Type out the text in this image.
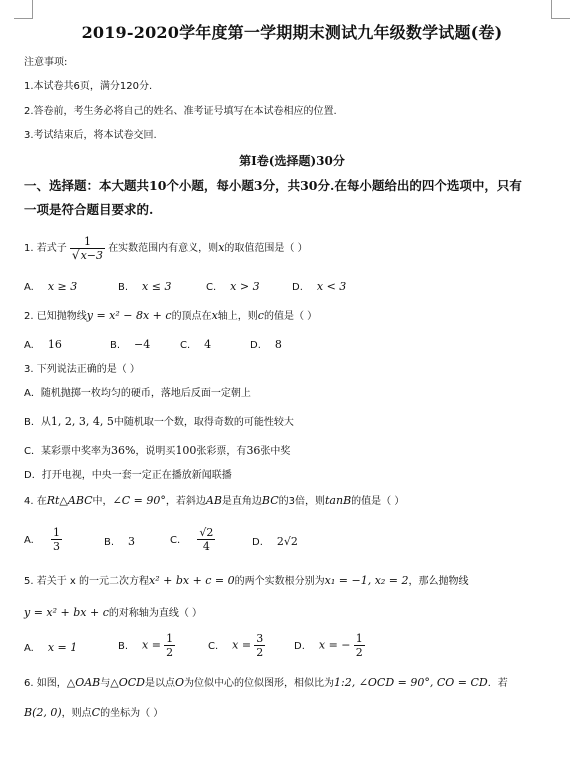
2019-2020学年度第一学期期末测试九年级数学试题(卷)
注意事项:
1.本试卷共6页，满分120分.
2.答卷前，考生务必将自己的姓名、准考证号填写在本试卷相应的位置.
3.考试结束后，将本试卷交回.
第Ⅰ卷(选择题)30分
一、选择题：本大题共10个小题，每小题3分，共30分.在每小题给出的四个选项中，只有
一项是符合题目要求的.
1. 若式子 $\frac{1}{√x-3}$ 在实数范围内有意义，则x的取值范围是（ ）
A. x ≥ 3	B. x ≤ 3	C. x > 3	D. x < 3
2. 已知抛物线y = x² − 8x + c的顶点在x轴上，则c的值是（ ）
A. 16	B. −4	C. 4	D. 8
3. 下列说法正确的是（ ）
A．随机抛掷一枚均匀的硬币，落地后反面一定朝上
B．从1, 2, 3, 4, 5中随机取一个数，取得奇数的可能性较大
C．某彩票中奖率为36%，说明买100张彩票，有36张中奖
D．打开电视，中央一套一定正在播放新闻联播
4. 在Rt△ABC中，∠C = 90°，若斜边AB是直角边BC的3倍，则tanB的值是（ ）
A. $\frac{1}{3}$	B. 3	C. $\frac{√2}{4}$	D. 2√2
5. 若关于 x 的一元二次方程x² + bx + c = 0的两个实数根分别为x₁ = −1, x₂ = 2，那么抛物线
y = x² + bx + c的对称轴为直线（ ）
A. x = 1	B. $x = \frac{1}{2}$	C. $x = \frac{3}{2}$	D. x = − $\frac{1}{2}$
6. 如图，△OAB与△OCD是以点O为位似中心的位似图形，相似比为1:2, ∠OCD = 90°, CO = CD．若
B(2, 0)，则点C的坐标为（ ）
